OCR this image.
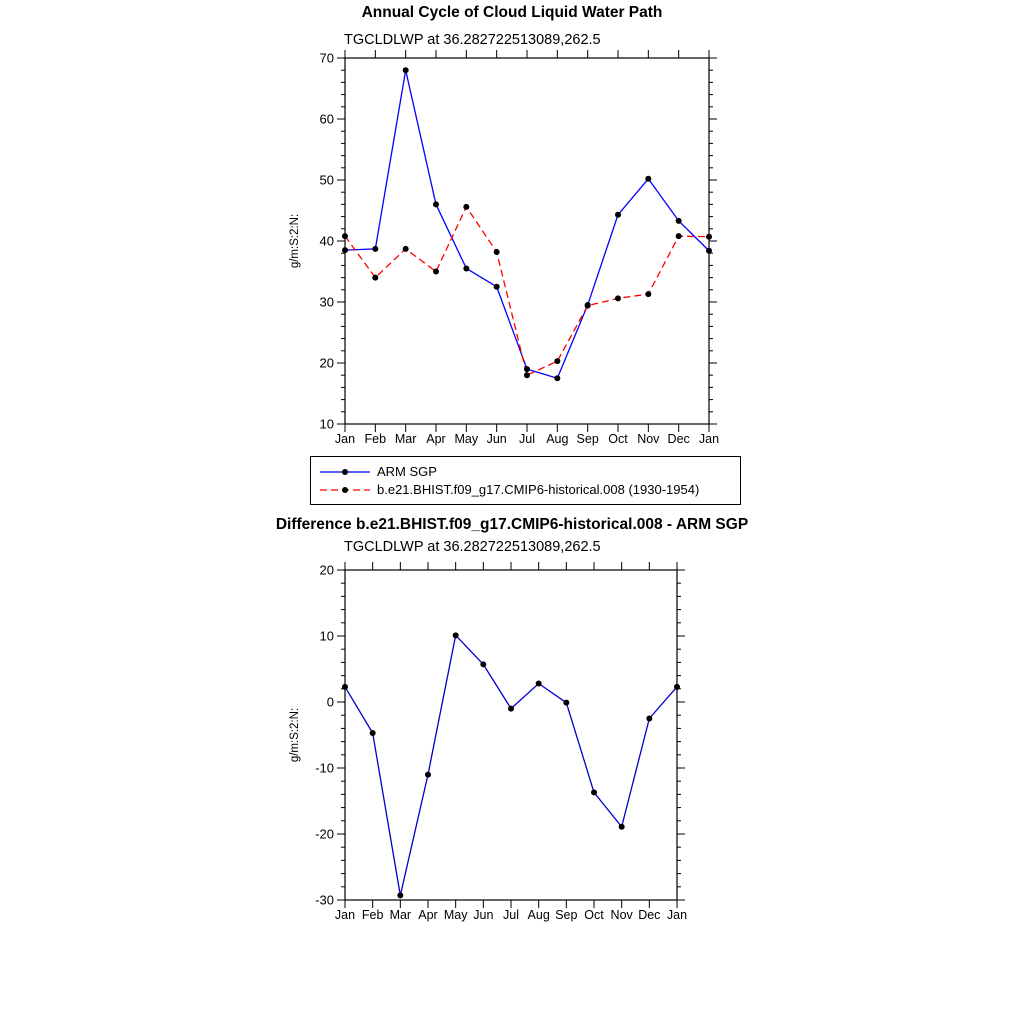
Annual Cycle of Cloud Liquid Water Path
TGCLDLWP at 36.282722513089,262.5
10
20
30
40
50
60
70
Jan Feb Mar Apr May Jun Jul Aug Sep Oct Nov Dec Jan
g/m:S:2:N:
-30
-20
-10
0
10
20
Jan Feb Mar Apr May Jun Jul Aug Sep Oct Nov Dec Jan
g/m:S:2:N:
ARM SGP
b.e21.BHIST.f09_g17.CMIP6-historical.008 (1930-1954)
Difference b.e21.BHIST.f09_g17.CMIP6-historical.008 - ARM SGP
TGCLDLWP at 36.282722513089,262.5
